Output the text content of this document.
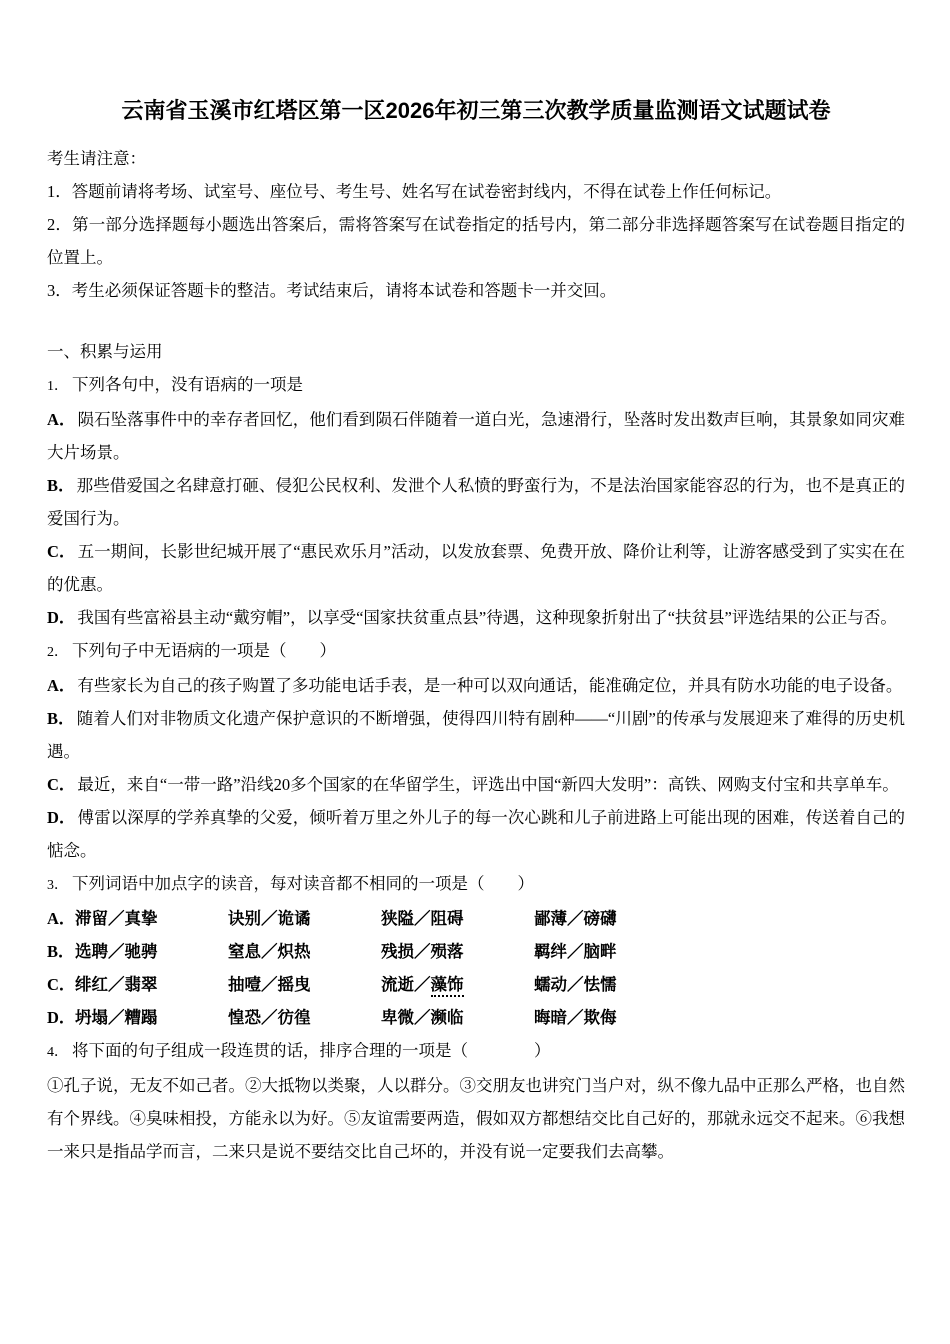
云南省玉溪市红塔区第一区2026年初三第三次教学质量监测语文试题试卷

考生请注意：

1．答题前请将考场、试室号、座位号、考生号、姓名写在试卷密封线内，不得在试卷上作任何标记。

2．第一部分选择题每小题选出答案后，需将答案写在试卷指定的括号内，第二部分非选择题答案写在试卷题目指定的位置上。

3．考生必须保证答题卡的整洁。考试结束后，请将本试卷和答题卡一并交回。

一、积累与运用

1． 下列各句中，没有语病的一项是

A． 陨石坠落事件中的幸存者回忆，他们看到陨石伴随着一道白光，急速滑行，坠落时发出数声巨响，其景象如同灾难大片场景。

B． 那些借爱国之名肆意打砸、侵犯公民权利、发泄个人私愤的野蛮行为，不是法治国家能容忍的行为，也不是真正的爱国行为。

C． 五一期间，长影世纪城开展了“惠民欢乐月”活动，以发放套票、免费开放、降价让利等，让游客感受到了实实在在的优惠。

D． 我国有些富裕县主动“戴穷帽”，以享受“国家扶贫重点县”待遇，这种现象折射出了“扶贫县”评选结果的公正与否。

2． 下列句子中无语病的一项是（　　）

A． 有些家长为自己的孩子购置了多功能电话手表，是一种可以双向通话，能准确定位，并具有防水功能的电子设备。

B． 随着人们对非物质文化遗产保护意识的不断增强，使得四川特有剧种——“川剧”的传承与发展迎来了难得的历史机遇。

C． 最近，来自“一带一路”沿线20多个国家的在华留学生，评选出中国“新四大发明”：高铁、网购支付宝和共享单车。

D． 傅雷以深厚的学养真挚的父爱，倾听着万里之外儿子的每一次心跳和儿子前进路上可能出现的困难，传送着自己的惦念。

3． 下列词语中加点字的读音，每对读音都不相同的一项是（　　）

A．滞留／真挚	诀别／诡谲	狭隘／阻碍	鄙薄／磅礴

B．选聘／驰骋	窒息／炽热	残损／殒落	羁绊／脑畔

C．绯红／翡翠	抽噎／摇曳	流逝／藻饰	蠕动／怯懦

D．坍塌／糟蹋	惶恐／彷徨	卑微／濒临	晦暗／欺侮

4． 将下面的句子组成一段连贯的话，排序合理的一项是（　　　　）

①孔子说，无友不如己者。②大抵物以类聚，人以群分。③交朋友也讲究门当户对，纵不像九品中正那么严格，也自然有个界线。④臭味相投，方能永以为好。⑤友谊需要两造，假如双方都想结交比自己好的，那就永远交不起来。⑥我想一来只是指品学而言，二来只是说不要结交比自己坏的，并没有说一定要我们去高攀。
